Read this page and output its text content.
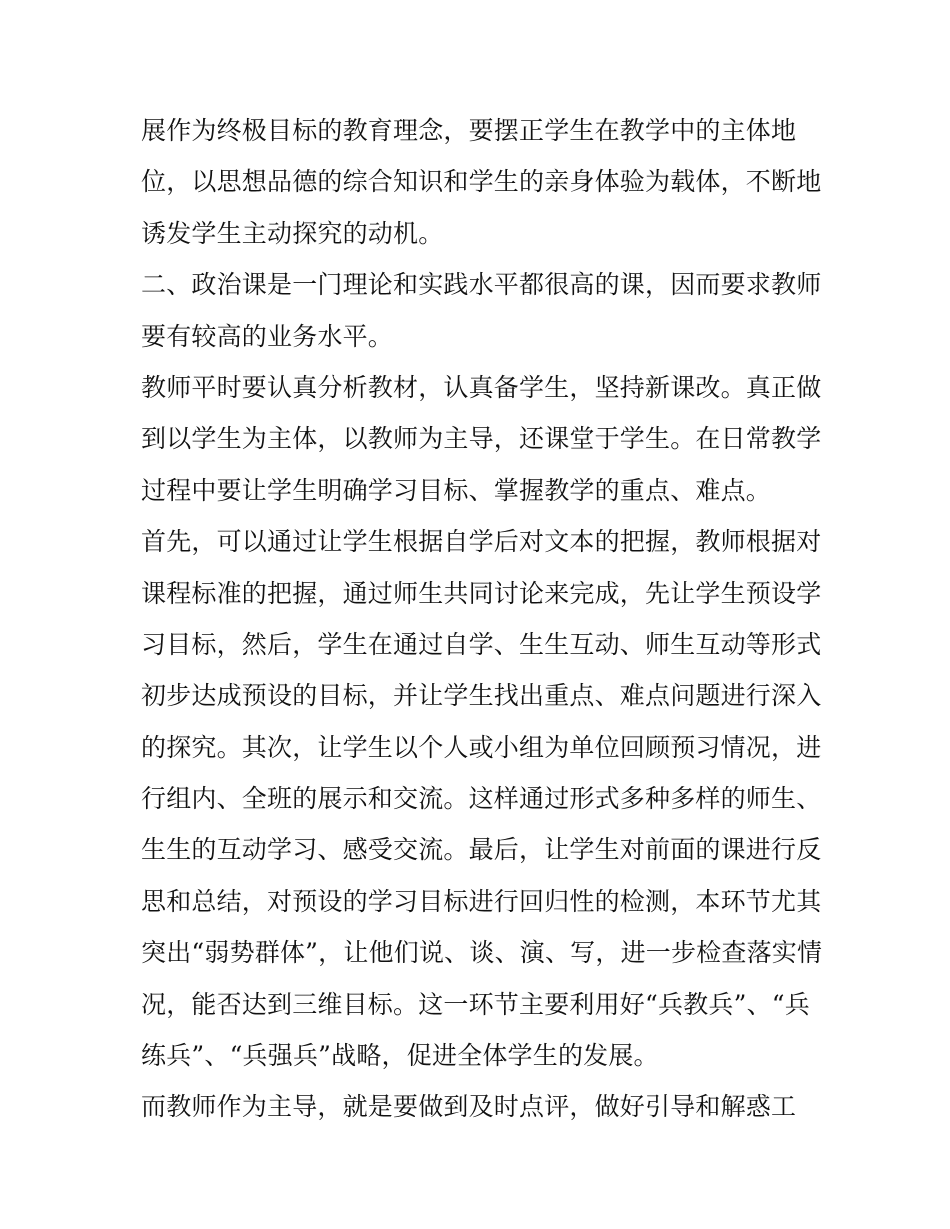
展作为终极目标的教育理念，要摆正学生在教学中的主体地
位，以思想品德的综合知识和学生的亲身体验为载体，不断地
诱发学生主动探究的动机。
二、政治课是一门理论和实践水平都很高的课，因而要求教师
要有较高的业务水平。
教师平时要认真分析教材，认真备学生，坚持新课改。真正做
到以学生为主体，以教师为主导，还课堂于学生。在日常教学
过程中要让学生明确学习目标、掌握教学的重点、难点。
首先，可以通过让学生根据自学后对文本的把握，教师根据对
课程标准的把握，通过师生共同讨论来完成，先让学生预设学
习目标，然后，学生在通过自学、生生互动、师生互动等形式
初步达成预设的目标，并让学生找出重点、难点问题进行深入
的探究。其次，让学生以个人或小组为单位回顾预习情况，进
行组内、全班的展示和交流。这样通过形式多种多样的师生、
生生的互动学习、感受交流。最后，让学生对前面的课进行反
思和总结，对预设的学习目标进行回归性的检测，本环节尤其
突出“弱势群体”，让他们说、谈、演、写，进一步检查落实情
况，能否达到三维目标。这一环节主要利用好“兵教兵”、“兵
练兵”、“兵强兵”战略，促进全体学生的发展。
而教师作为主导，就是要做到及时点评，做好引导和解惑工
